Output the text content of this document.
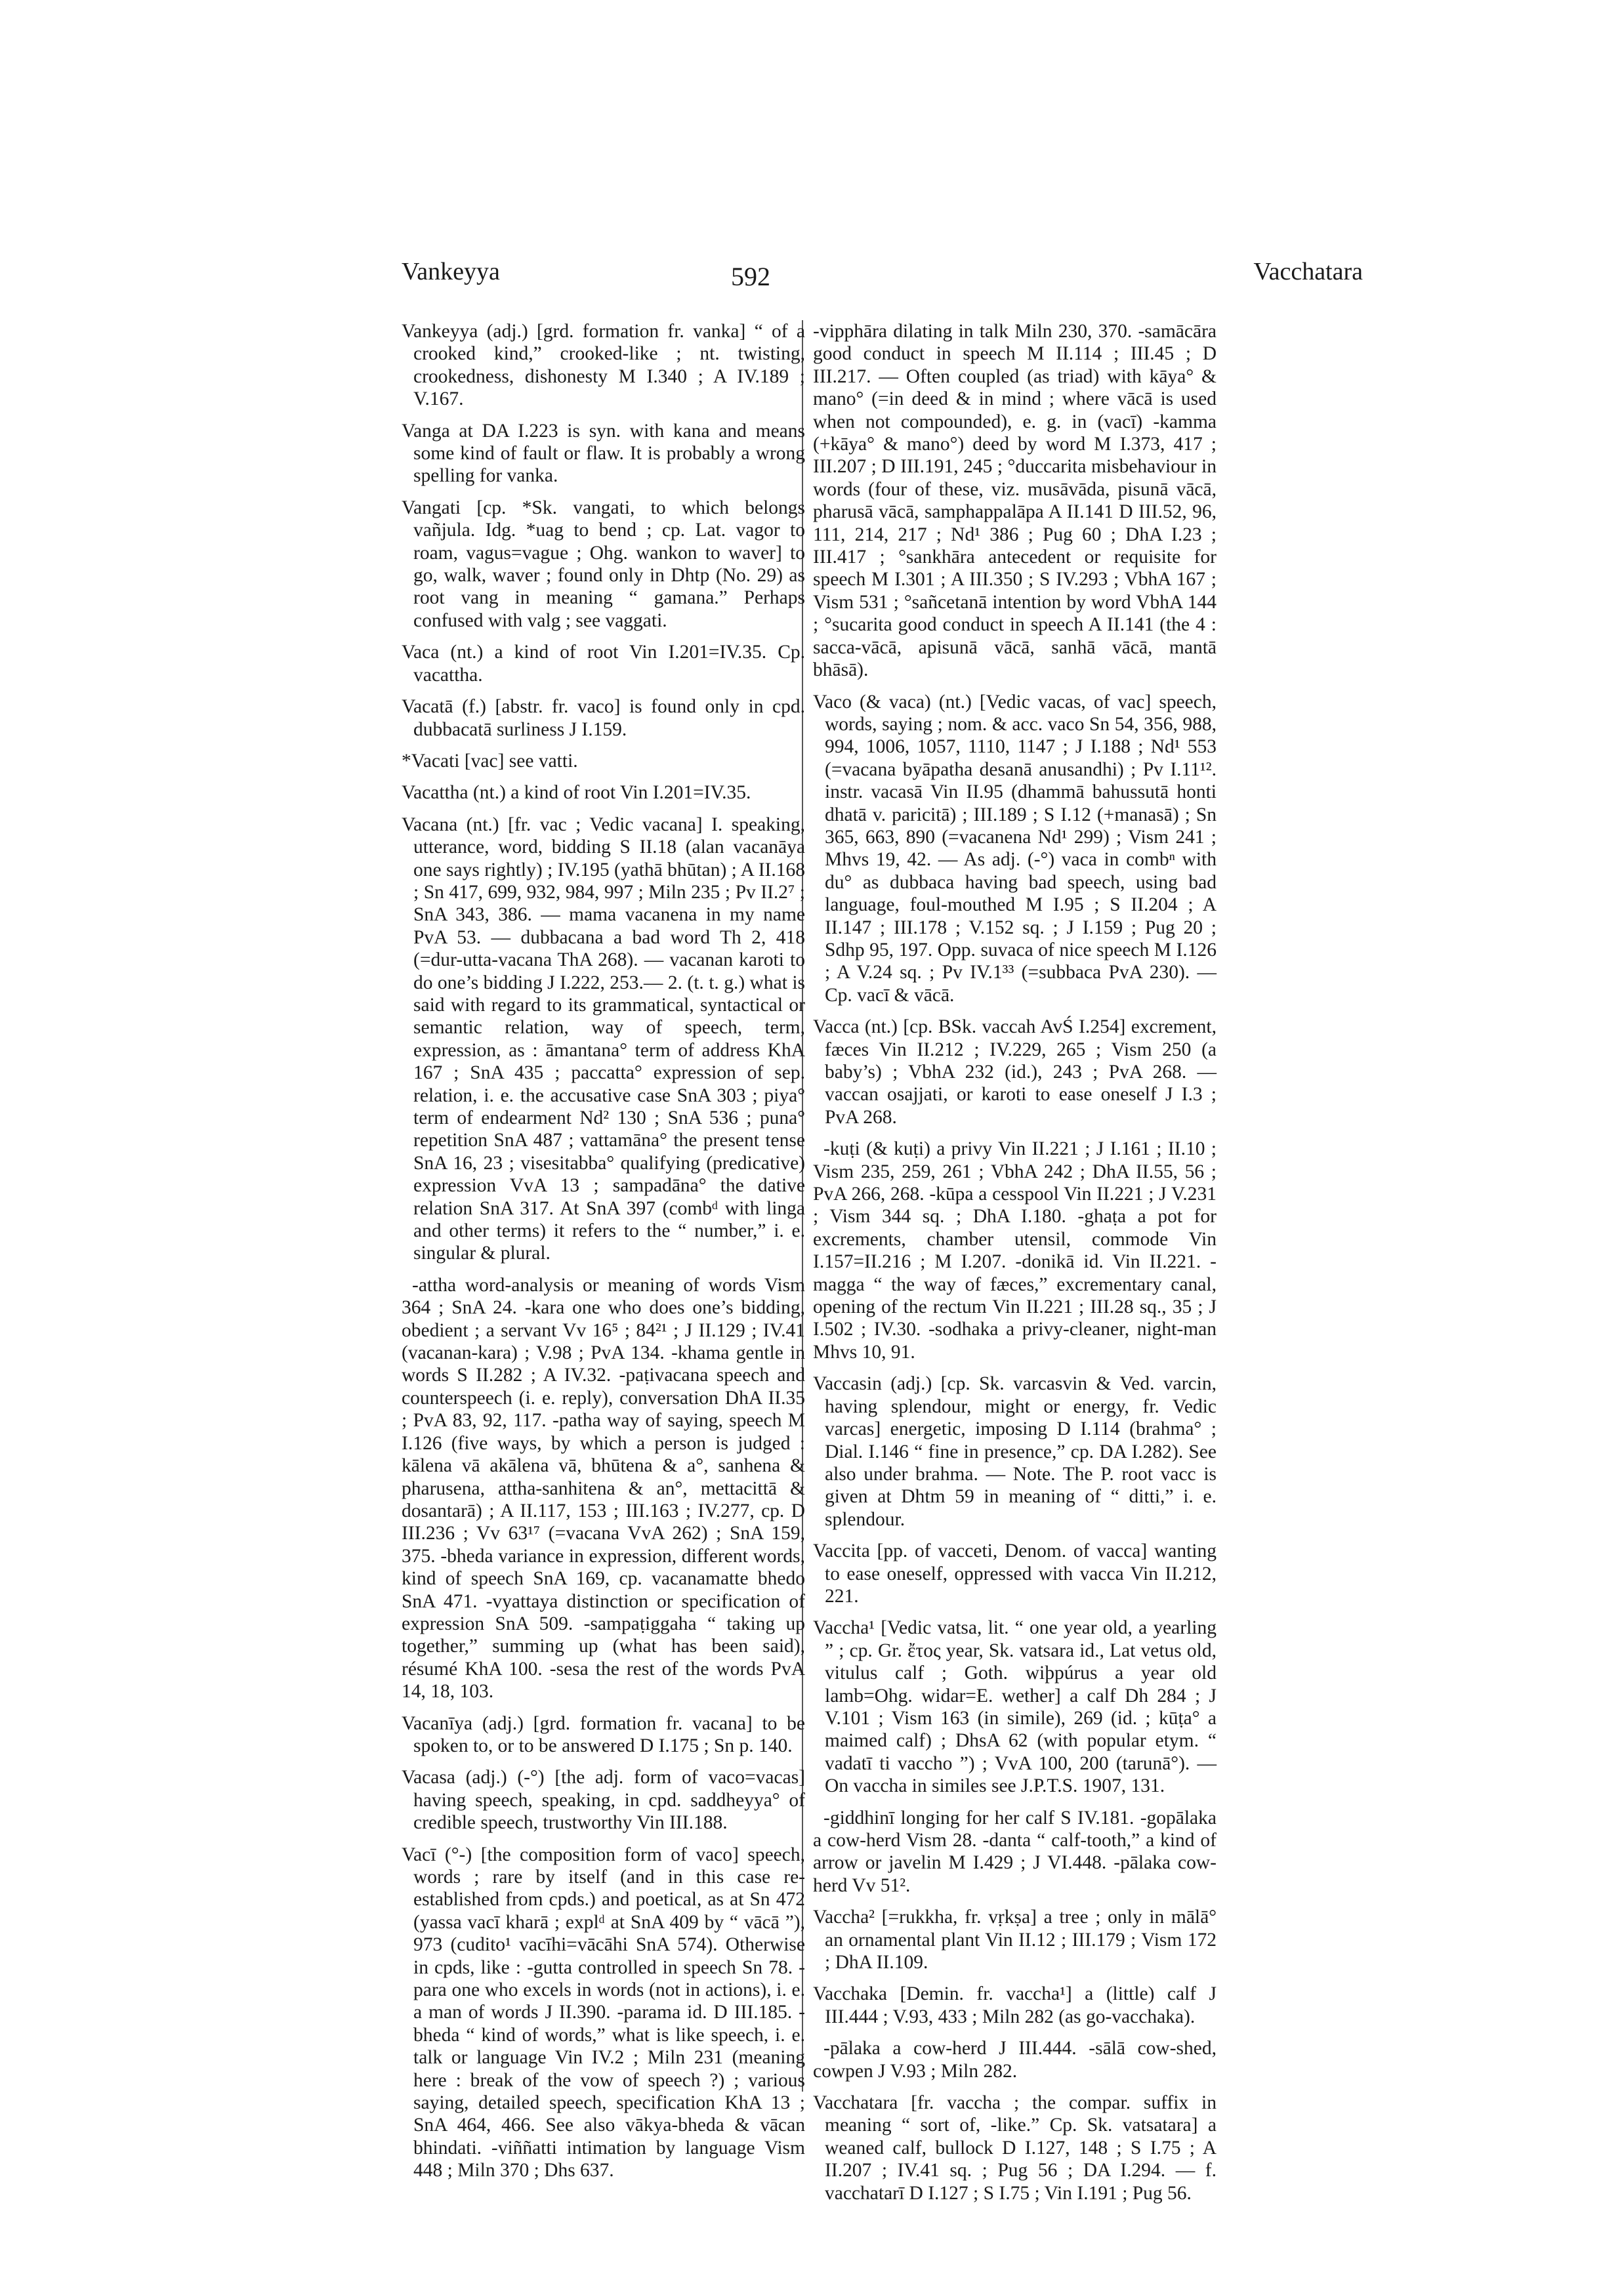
Vankeyya	592	Vacchatara
Vankeyya (adj.) [grd. formation fr. vanka] “ of a crooked kind,” crooked-like ; nt. twisting, crookedness, dishonesty M I.340 ; A IV.189 ; V.167.
Vanga at DA I.223 is syn. with kana and means some kind of fault or flaw. It is probably a wrong spelling for vanka.
Vangati [cp. *Sk. vangati, to which belongs vañjula. Idg. *uag to bend ; cp. Lat. vagor to roam, vagus=vague ; Ohg. wankon to waver] to go, walk, waver ; found only in Dhtp (No. 29) as root vang in meaning “ gamana.” Perhaps confused with valg ; see vaggati.
Vaca (nt.) a kind of root Vin I.201=IV.35. Cp. vacattha.
Vacatā (f.) [abstr. fr. vaco] is found only in cpd. dubbacatā surliness J I.159.
*Vacati [vac] see vatti.
Vacattha (nt.) a kind of root Vin I.201=IV.35.
Vacana (nt.) [fr. vac ; Vedic vacana] I. speaking, utterance, word, bidding S II.18 (alan vacanāya one says rightly) ; IV.195 (yathā bhūtan) ; A II.168 ; Sn 417, 699, 932, 984, 997 ; Miln 235 ; Pv II.2⁷ ; SnA 343, 386. — mama vacanena in my name PvA 53. — dubbacana a bad word Th 2, 418 (=dur-utta-vacana ThA 268). — vacanan karoti to do one’s bidding J I.222, 253.— 2. (t. t. g.) what is said with regard to its grammatical, syntactical or semantic relation, way of speech, term, expression, as : āmantana° term of address KhA 167 ; SnA 435 ; paccatta° expression of sep. relation, i. e. the accusative case SnA 303 ; piya° term of endearment Nd² 130 ; SnA 536 ; puna° repetition SnA 487 ; vattamāna° the present tense SnA 16, 23 ; visesitabba° qualifying (predicative) expression VvA 13 ; sampadāna° the dative relation SnA 317. At SnA 397 (combᵈ with linga and other terms) it refers to the “ number,” i. e. singular & plural.
-attha word-analysis or meaning of words Vism 364 ; SnA 24. -kara one who does one’s bidding, obedient ; a servant Vv 16⁵ ; 84²¹ ; J II.129 ; IV.41 (vacanan-kara) ; V.98 ; PvA 134. -khama gentle in words S II.282 ; A IV.32. -paṭivacana speech and counterspeech (i. e. reply), conversation DhA II.35 ; PvA 83, 92, 117. -patha way of saying, speech M I.126 (five ways, by which a person is judged : kālena vā akālena vā, bhūtena & a°, sanhena & pharusena, attha-sanhitena & an°, mettacittā & dosantarā) ; A II.117, 153 ; III.163 ; IV.277, cp. D III.236 ; Vv 63¹⁷ (=vacana VvA 262) ; SnA 159, 375. -bheda variance in expression, different words, kind of speech SnA 169, cp. vacanamatte bhedo SnA 471. -vyattaya distinction or specification of expression SnA 509. -sampaṭiggaha “ taking up together,” summing up (what has been said), résumé KhA 100. -sesa the rest of the words PvA 14, 18, 103.
Vacanīya (adj.) [grd. formation fr. vacana] to be spoken to, or to be answered D I.175 ; Sn p. 140.
Vacasa (adj.) (-°) [the adj. form of vaco=vacas] having speech, speaking, in cpd. saddheyya° of credible speech, trustworthy Vin III.188.
Vacī (°-) [the composition form of vaco] speech, words ; rare by itself (and in this case re-established from cpds.) and poetical, as at Sn 472 (yassa vacī kharā ; explᵈ at SnA 409 by “ vācā ”), 973 (cudito¹ vacīhi=vācāhi SnA 574). Otherwise in cpds, like : -gutta controlled in speech Sn 78. -para one who excels in words (not in actions), i. e. a man of words J II.390. -parama id. D III.185. -bheda “ kind of words,” what is like speech, i. e. talk or language Vin IV.2 ; Miln 231 (meaning here : break of the vow of speech ?) ; various saying, detailed speech, specification KhA 13 ; SnA 464, 466. See also vākya-bheda & vācan bhindati. -viññatti intimation by language Vism 448 ; Miln 370 ; Dhs 637.
-vipphāra dilating in talk Miln 230, 370. -samācāra good conduct in speech M II.114 ; III.45 ; D III.217. — Often coupled (as triad) with kāya° & mano° (=in deed & in mind ; where vācā is used when not compounded), e. g. in (vacī) -kamma (+kāya° & mano°) deed by word M I.373, 417 ; III.207 ; D III.191, 245 ; °duccarita misbehaviour in words (four of these, viz. musāvāda, pisunā vācā, pharusā vācā, samphappalāpa A II.141 D III.52, 96, 111, 214, 217 ; Nd¹ 386 ; Pug 60 ; DhA I.23 ; III.417 ; °sankhāra antecedent or requisite for speech M I.301 ; A III.350 ; S IV.293 ; VbhA 167 ; Vism 531 ; °sañcetanā intention by word VbhA 144 ; °sucarita good conduct in speech A II.141 (the 4 : sacca-vācā, apisunā vācā, sanhā vācā, mantā bhāsā).
Vaco (& vaca) (nt.) [Vedic vacas, of vac] speech, words, saying ; nom. & acc. vaco Sn 54, 356, 988, 994, 1006, 1057, 1110, 1147 ; J I.188 ; Nd¹ 553 (=vacana byāpatha desanā anusandhi) ; Pv I.11¹². instr. vacasā Vin II.95 (dhammā bahussutā honti dhatā v. paricitā) ; III.189 ; S I.12 (+manasā) ; Sn 365, 663, 890 (=vacanena Nd¹ 299) ; Vism 241 ; Mhvs 19, 42. — As adj. (-°) vaca in combⁿ with du° as dubbaca having bad speech, using bad language, foul-mouthed M I.95 ; S II.204 ; A II.147 ; III.178 ; V.152 sq. ; J I.159 ; Pug 20 ; Sdhp 95, 197. Opp. suvaca of nice speech M I.126 ; A V.24 sq. ; Pv IV.1³³ (=subbaca PvA 230). — Cp. vacī & vācā.
Vacca (nt.) [cp. BSk. vaccah AvŚ I.254] excrement, fæces Vin II.212 ; IV.229, 265 ; Vism 250 (a baby’s) ; VbhA 232 (id.), 243 ; PvA 268. — vaccan osajjati, or karoti to ease oneself J I.3 ; PvA 268.
-kuṭi (& kuṭi) a privy Vin II.221 ; J I.161 ; II.10 ; Vism 235, 259, 261 ; VbhA 242 ; DhA II.55, 56 ; PvA 266, 268. -kūpa a cesspool Vin II.221 ; J V.231 ; Vism 344 sq. ; DhA I.180. -ghaṭa a pot for excrements, chamber utensil, commode Vin I.157=II.216 ; M I.207. -donikā id. Vin II.221. -magga “ the way of fæces,” excrementary canal, opening of the rectum Vin II.221 ; III.28 sq., 35 ; J I.502 ; IV.30. -sodhaka a privy-cleaner, night-man Mhvs 10, 91.
Vaccasin (adj.) [cp. Sk. varcasvin & Ved. varcin, having splendour, might or energy, fr. Vedic varcas] energetic, imposing D I.114 (brahma° ; Dial. I.146 “ fine in presence,” cp. DA I.282). See also under brahma. — Note. The P. root vacc is given at Dhtm 59 in meaning of “ ditti,” i. e. splendour.
Vaccita [pp. of vacceti, Denom. of vacca] wanting to ease oneself, oppressed with vacca Vin II.212, 221.
Vaccha¹ [Vedic vatsa, lit. “ one year old, a yearling ” ; cp. Gr. ἔτος year, Sk. vatsara id., Lat vetus old, vitulus calf ; Goth. wiþpúrus a year old lamb=Ohg. widar=E. wether] a calf Dh 284 ; J V.101 ; Vism 163 (in simile), 269 (id. ; kūṭa° a maimed calf) ; DhsA 62 (with popular etym. “ vadatī ti vaccho ”) ; VvA 100, 200 (tarunā°). — On vaccha in similes see J.P.T.S. 1907, 131.
-giddhinī longing for her calf S IV.181. -gopālaka a cow-herd Vism 28. -danta “ calf-tooth,” a kind of arrow or javelin M I.429 ; J VI.448. -pālaka cow-herd Vv 51².
Vaccha² [=rukkha, fr. vṛkṣa] a tree ; only in mālā° an ornamental plant Vin II.12 ; III.179 ; Vism 172 ; DhA II.109.
Vacchaka [Demin. fr. vaccha¹] a (little) calf J III.444 ; V.93, 433 ; Miln 282 (as go-vacchaka).
-pālaka a cow-herd J III.444. -sālā cow-shed, cowpen J V.93 ; Miln 282.
Vacchatara [fr. vaccha ; the compar. suffix in meaning “ sort of, -like.” Cp. Sk. vatsatara] a weaned calf, bullock D I.127, 148 ; S I.75 ; A II.207 ; IV.41 sq. ; Pug 56 ; DA I.294. — f. vacchatarī D I.127 ; S I.75 ; Vin I.191 ; Pug 56.
